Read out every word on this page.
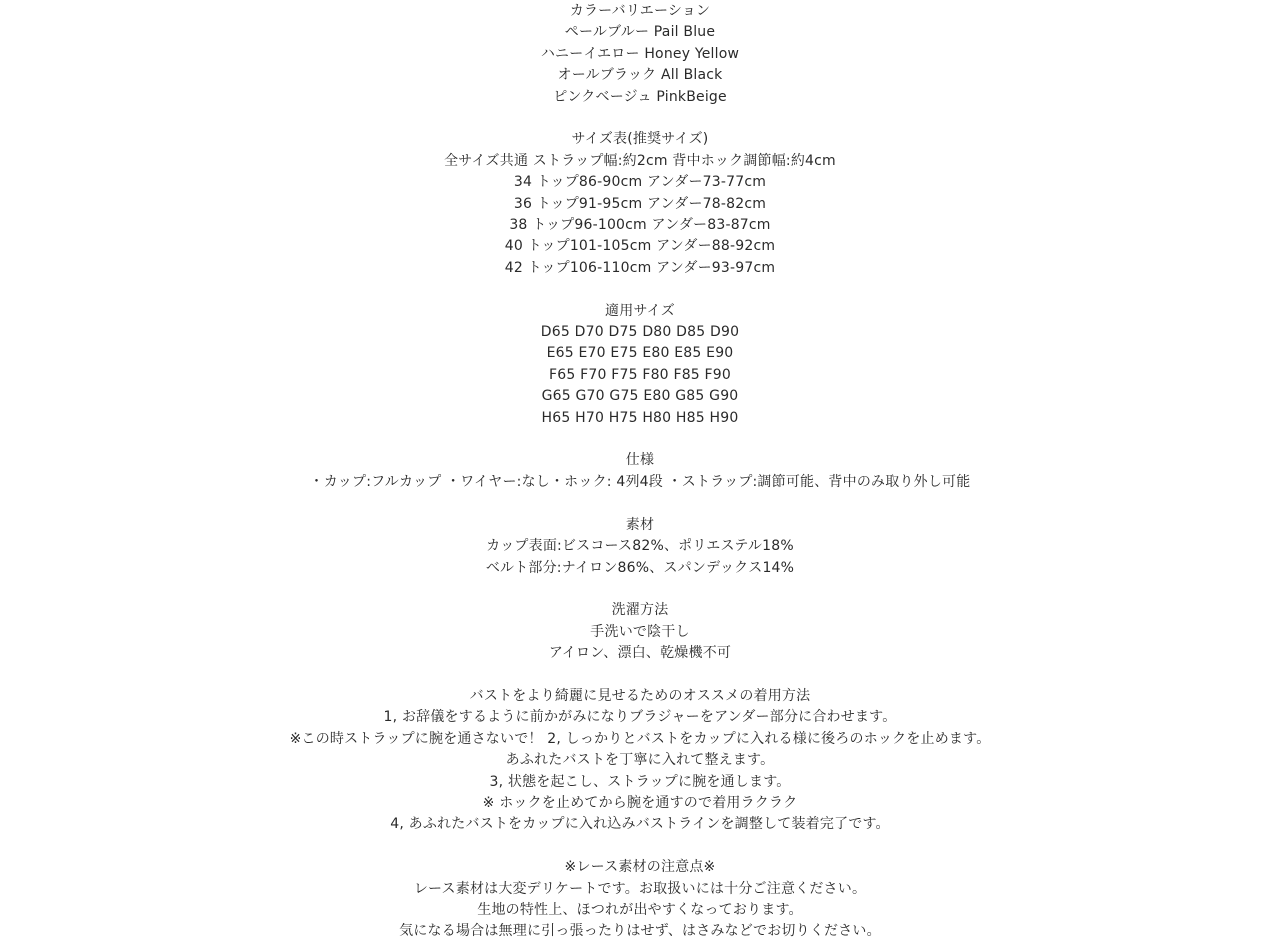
カラーバリエーション
ペールブルー Pail Blue
ハニーイエロー Honey Yellow
オールブラック All Black
ピンクベージュ PinkBeige
サイズ表(推奨サイズ)
全サイズ共通 ストラップ幅:約2cm 背中ホック調節幅:約4cm
34 トップ86-90cm アンダー73-77cm
36 トップ91-95cm アンダー78-82cm
38 トップ96-100cm アンダー83-87cm
40 トップ101-105cm アンダー88-92cm
42 トップ106-110cm アンダー93-97cm
適用サイズ
D65 D70 D75 D80 D85 D90
E65 E70 E75 E80 E85 E90
F65 F70 F75 F80 F85 F90
G65 G70 G75 E80 G85 G90
H65 H70 H75 H80 H85 H90
仕様
・カップ:フルカップ ・ワイヤー:なし・ホック: 4列4段 ・ストラップ:調節可能、背中のみ取り外し可能
素材
カップ表面:ビスコース82%、ポリエステル18%
ベルト部分:ナイロン86%、スパンデックス14%
洗濯方法
手洗いで陰干し
アイロン、漂白、乾燥機不可
バストをより綺麗に見せるためのオススメの着用方法
1, お辞儀をするように前かがみになりブラジャーをアンダー部分に合わせます。
※この時ストラップに腕を通さないで！ 2, しっかりとバストをカップに入れる様に後ろのホックを止めます。
あふれたバストを丁寧に入れて整えます。
3, 状態を起こし、ストラップに腕を通します。
※ ホックを止めてから腕を通すので着用ラクラク
4, あふれたバストをカップに入れ込みバストラインを調整して装着完了です。
※レース素材の注意点※
レース素材は大変デリケートです。お取扱いには十分ご注意ください。
生地の特性上、ほつれが出やすくなっております。
気になる場合は無理に引っ張ったりはせず、はさみなどでお切りください。
